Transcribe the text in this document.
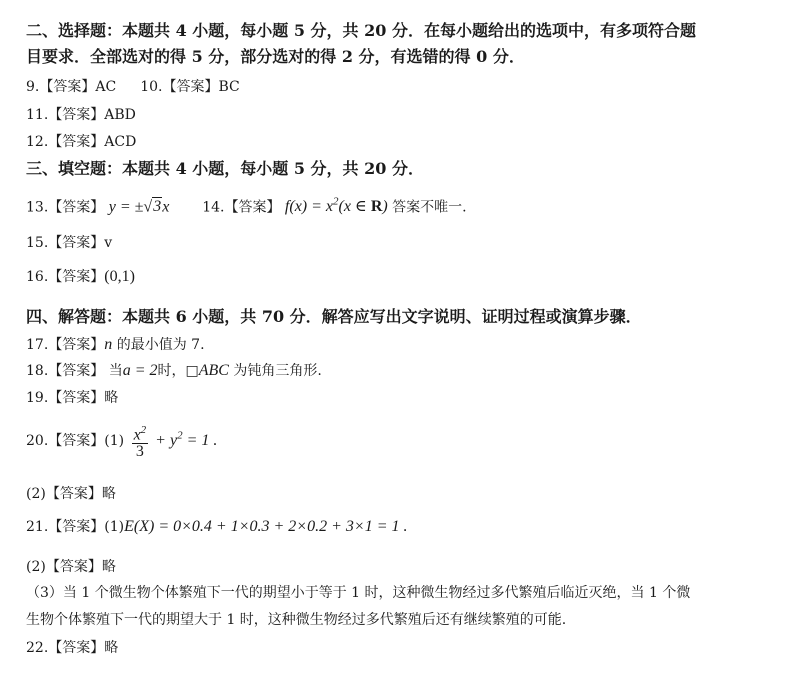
二、选择题：本题共 4 小题，每小题 5 分，共 20 分．在每小题给出的选项中，有多项符合题
目要求．全部选对的得 5 分，部分选对的得 2 分，有选错的得 0 分．
9.【答案】AC 10.【答案】BC
11.【答案】ABD
12.【答案】ACD
三、填空题：本题共 4 小题，每小题 5 分，共 20 分．
13.【答案】 y = ±√3x 14.【答案】 $f(x) = x^2(x$ ∈ R) 答案不唯一.
15.【答案】v
16.【答案】(0,1)
四、解答题：本题共 6 小题，共 70 分．解答应写出文字说明、证明过程或演算步骤．
17.【答案】n 的最小值为 7.
18.【答案】 当a = 2时，□ABC 为钝角三角形.
19.【答案】略
20.【答案】$(1) \frac{x^2}{3} + y^2 = 1$ .
(2)【答案】略
21.【答案】(1)E(X) = 0×0.4 + 1×0.3 + 2×0.2 + 3×1 = 1 .
(2)【答案】略
（3）当 1 个微生物个体繁殖下一代的期望小于等于 1 时，这种微生物经过多代繁殖后临近灭绝，当 1 个微
生物个体繁殖下一代的期望大于 1 时，这种微生物经过多代繁殖后还有继续繁殖的可能.
22.【答案】略
